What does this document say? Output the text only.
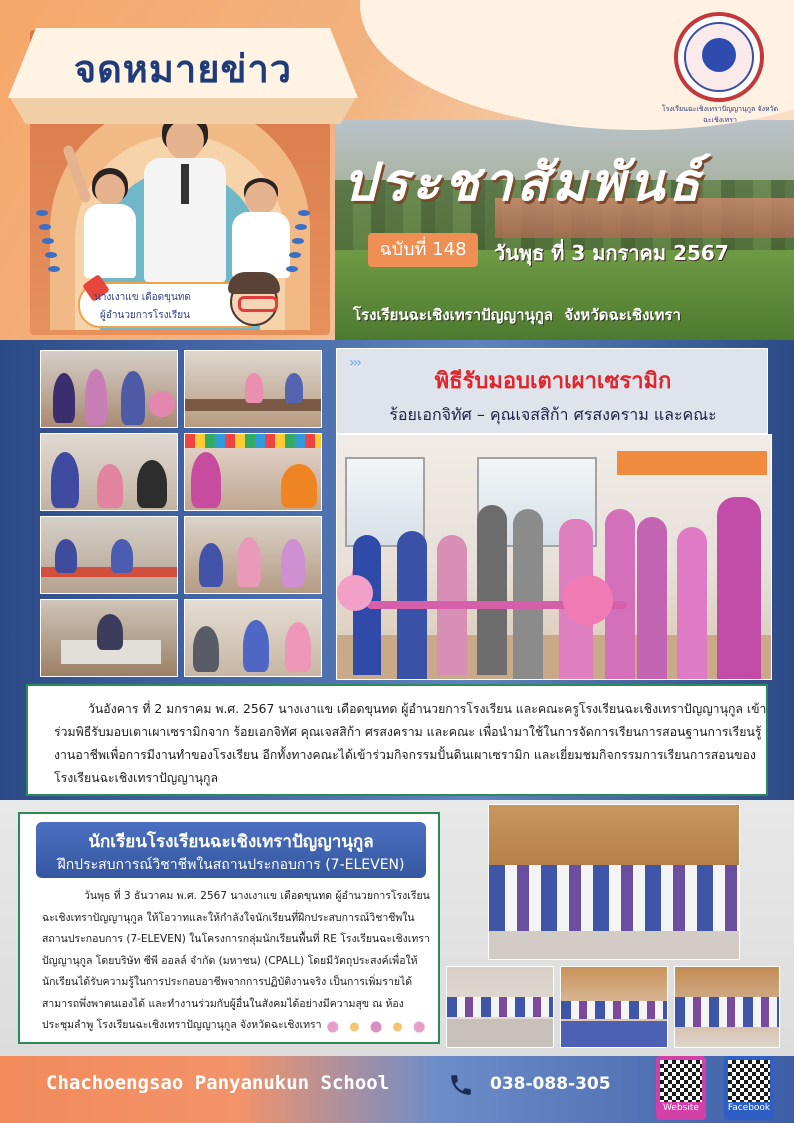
จดหมายข่าว
นางเงาแข เดือดขุนทด
ผู้อำนวยการโรงเรียน
โรงเรียนฉะเชิงเทราปัญญานุกูล จังหวัดฉะเชิงเทรา
ประชาสัมพันธ์
ฉบับที่ 148	วันพุธ ที่ 3 มกราคม 2567
โรงเรียนฉะเชิงเทราปัญญานุกูล จังหวัดฉะเชิงเทรา
›››
พิธีรับมอบเตาเผาเซรามิก
ร้อยเอกจิทัศ – คุณเจสสิก้า ศรสงคราม และคณะ
วันอังคาร ที่ 2 มกราคม พ.ศ. 2567 นางเงาแข เดือดขุนทด ผู้อำนวยการโรงเรียน และคณะครูโรงเรียนฉะเชิงเทราปัญญานุกูล เข้าร่วมพิธีรับมอบเตาเผาเซรามิกจาก ร้อยเอกจิทัศ คุณเจสสิก้า ศรสงคราม และคณะ เพื่อนำมาใช้ในการจัดการเรียนการสอนฐานการเรียนรู้งานอาชีพเพื่อการมีงานทำของโรงเรียน อีกทั้งทางคณะได้เข้าร่วมกิจกรรมปั้นดินเผาเซรามิก และเยี่ยมชมกิจกรรมการเรียนการสอนของโรงเรียนฉะเชิงเทราปัญญานุกูล
นักเรียนโรงเรียนฉะเชิงเทราปัญญานุกูล
ฝึกประสบการณ์วิชาชีพในสถานประกอบการ (7-ELEVEN)
วันพุธ ที่ 3 ธันวาคม พ.ศ. 2567 นางเงาแข เดือดขุนทด ผู้อำนวยการโรงเรียนฉะเชิงเทราปัญญานุกูล ให้โอวาทและให้กำลังใจนักเรียนที่ฝึกประสบการณ์วิชาชีพในสถานประกอบการ (7-ELEVEN) ในโครงการกลุ่มนักเรียนพื้นที่ RE โรงเรียนฉะเชิงเทราปัญญานุกูล โดยบริษัท ซีพี ออลล์ จำกัด (มหาชน) (CPALL) โดยมีวัตถุประสงค์เพื่อให้นักเรียนได้รับความรู้ในการประกอบอาชีพจากการปฏิบัติงานจริง เป็นการเพิ่มรายได้ สามารถพึ่งพาตนเองได้ และทำงานร่วมกับผู้อื่นในสังคมได้อย่างมีความสุข ณ ห้องประชุมลำพู โรงเรียนฉะเชิงเทราปัญญานุกูล จังหวัดฉะเชิงเทรา
Chachoengsao Panyanukun School	038-088-305
Website	Facebook
